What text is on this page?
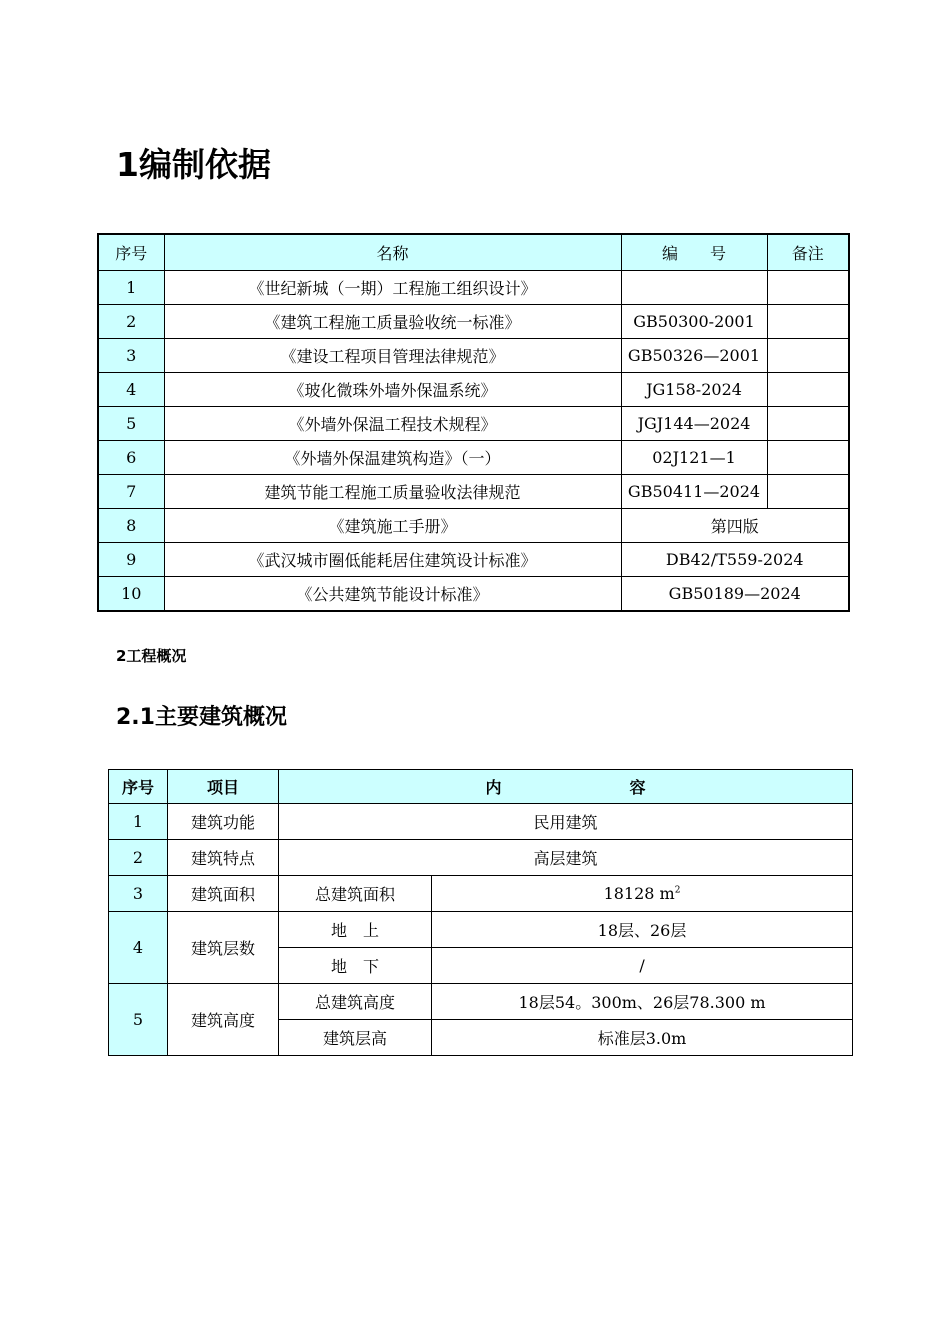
1编制依据
序号	名称	编　　号	备注
1	《世纪新城（一期）工程施工组织设计》		
2	《建筑工程施工质量验收统一标准》	GB50300-2001	
3	《建设工程项目管理法律规范》	GB50326—2001	
4	《玻化微珠外墙外保温系统》	JG158-2024	
5	《外墙外保温工程技术规程》	JGJ144—2024	
6	《外墙外保温建筑构造》（一）	02J121—1	
7	建筑节能工程施工质量验收法律规范	GB50411—2024	
8	《建筑施工手册》	第四版	
9	《武汉城市圈低能耗居住建筑设计标准》	DB42/T559-2024	
10	《公共建筑节能设计标准》	GB50189—2024	
2工程概况
2.1主要建筑概况
序号	项目	内　　　　　　　　容	
1	建筑功能	民用建筑	
2	建筑特点	高层建筑	
3	建筑面积	总建筑面积	18128 $m^2$
4	建筑层数	地　上	18层、26层
		地　下	/
5	建筑高度	总建筑高度	18层54。300m、26层78.300 m
		建筑层高	标准层3.0m
